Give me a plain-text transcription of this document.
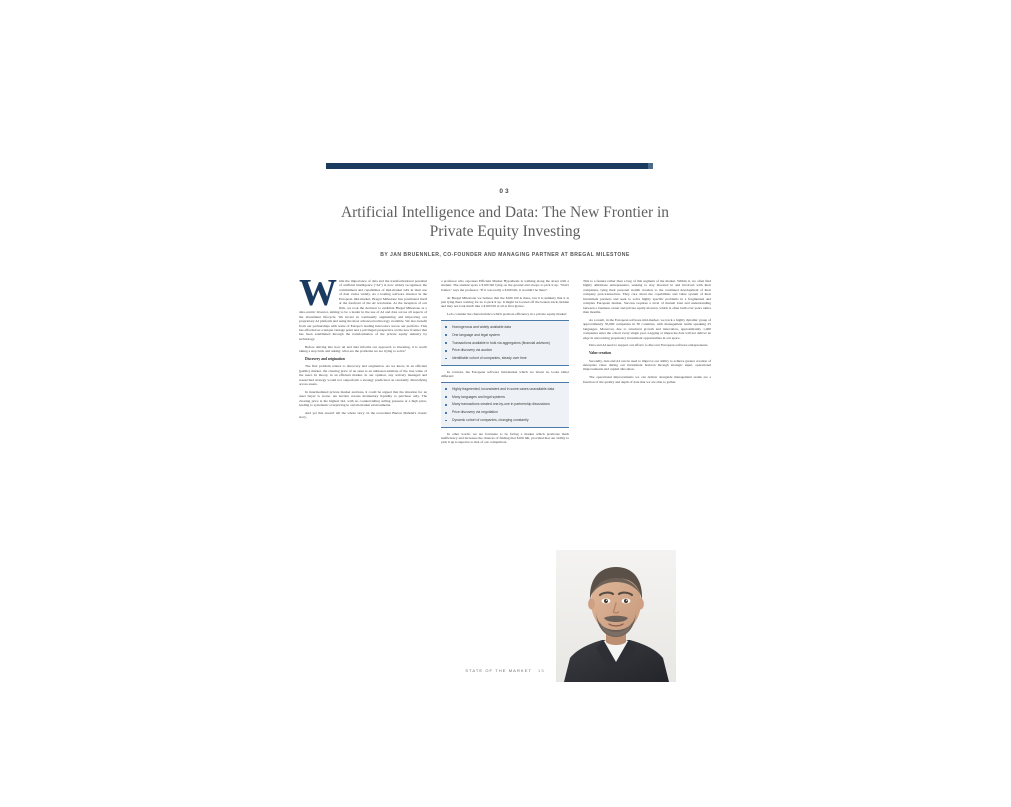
03
Artificial Intelligence and Data: The New Frontier in Private Equity Investing
BY JAN BRUENNLER, CO-FOUNDER AND MANAGING PARTNER AT BREGAL MILESTONE

While the importance of data and the transformational potential of artificial intelligence ("AI") is now widely recognised, the commitment and capabilities of mid-market GPs in their use of data varies widely. As a leading software investor in the European mid-market, Bregal Milestone has positioned itself at the forefront of the AI revolution. At the inception of our firm, we took the decision to establish Bregal Milestone as a data-centric investor, aiming to be a leader in the use of AI and data across all aspects of the investment lifecycle. We invest in continually augmenting and improving our proprietary AI platform and using the most advanced technology available. We also benefit from our partnerships with some of Europe's leading innovators across our portfolio. This has afforded us a unique vantage point and a privileged perspective on the new frontier that has been established through the transformation of the private equity industry by technology.

Before delving into how AI and data informs our approach to investing, it is worth taking a step back and asking: what are the problems we are trying to solve?

Discovery and origination

The first problem relates to discovery and origination. As we know, in an efficient (public) market, the clearing price of an asset is an unbiased estimate of the true value of the asset. In theory, in an efficient market, in our opinion, any actively managed and researched strategy would not outperform a strategy predicated on randomly diversifying across assets.

In intermediated private market auctions, it could be argued that the situation for an asset buyer is worse. An auction creates momentary liquidity to purchase only. The clearing price is the highest bid, with no countervailing selling pressure at a high price, leading to systematic overpricing in certain market environments.

And yet this doesn't tell the whole story. In the economist Burton Malkiel's classic story,

a professor who espouses Efficient Market Hypothesis is walking along the street with a student. The student spots a $100 bill lying on the ground and stoops to pick it up. "Don't bother," says the professor. "If it was really a $100 bill, it wouldn't be there".

At Bregal Milestone we believe that the $100 bill is there, but it is unlikely that it is just lying there waiting for us to pick it up. It might be located off the beaten track, hidden and may not look much like a $100 bill at all at first glance.

Let's consider the characteristics which promote efficiency in a private equity market:

Homogenous and widely available data
One language and legal system
Transactions available in bulk via aggregators (financial advisors)
Price discovery via auction
Identifiable cohort of companies, steady over time

In contrast, the European software mid-market which we invest in, looks rather different:

Highly fragmented, inconsistent and in some cases unavailable data
Many languages and legal systems
Many transactions created one-by-one in partnership discussions
Price discovery via negotiation
Dynamic cohort of companies, changing constantly

In other words, we are fortunate to be facing a market which promotes mark inefficiency and increases the chances of finding that $100 bill, provided that our ability to pick it up is superior to that of our competitors.

This is a feature rather than a bug of this segment of the market. Within it, we often find highly ambitious entrepreneurs, seeking to stay invested in and involved with their companies, tying their personal wealth creation to the continued development of their company post-transaction. They care about the capabilities and value system of their investment partners and seek to solve highly specific problems in a fragmented and complex European market. Success requires a level of mutual trust and understanding between a business owner and private equity investor, which is often built over years rather than months.

As a result, in the European software mid-market, we track a highly dynamic group of approximately 35,000 companies in 30 countries, with management teams speaking 25 languages. Moreover, due to structural growth and innovation, approximately 1,400 companies enter the cohort every single year. Lagging or imprecise data will not deliver an edge in uncovering proprietary investment opportunities in our space.

Data and AI need to support our efforts to discover European software entrepreneurs.

Value creation

Secondly, data and AI can be used to improve our ability to achieve greater creation of enterprise value during our investment horizon through strategic input, operational improvements and capital allocation.

The operational improvements we can deliver alongside management teams are a function of the quality and depth of data that we are able to gather.

STATE OF THE MARKET 13
